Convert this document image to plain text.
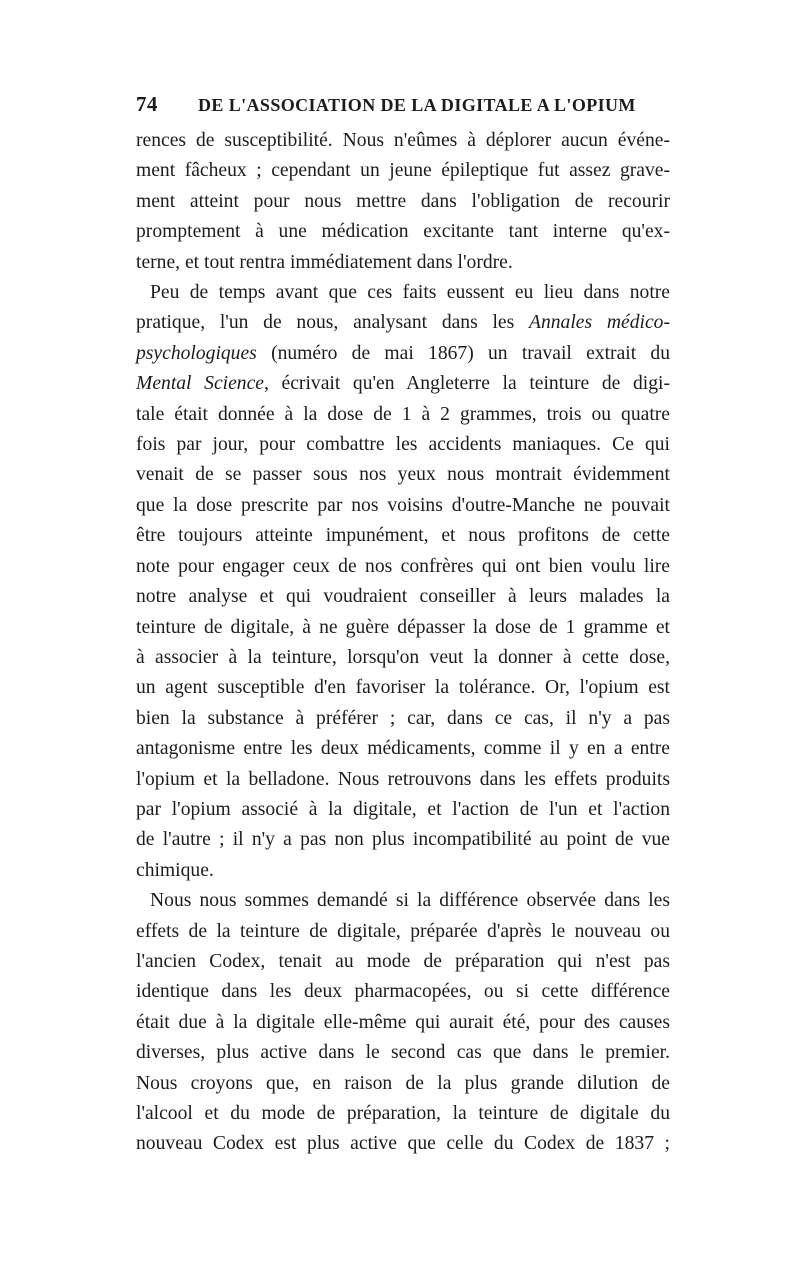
74	DE L'ASSOCIATION DE LA DIGITALE A L'OPIUM

rences de susceptibilité. Nous n'eûmes à déplorer aucun événe-
ment fâcheux ; cependant un jeune épileptique fut assez grave-
ment atteint pour nous mettre dans l'obligation de recourir
promptement à une médication excitante tant interne qu'ex-
terne, et tout rentra immédiatement dans l'ordre.

Peu de temps avant que ces faits eussent eu lieu dans notre
pratique, l'un de nous, analysant dans les Annales médico-
psychologiques (numéro de mai 1867) un travail extrait du
Mental Science, écrivait qu'en Angleterre la teinture de digi-
tale était donnée à la dose de 1 à 2 grammes, trois ou quatre
fois par jour, pour combattre les accidents maniaques. Ce qui
venait de se passer sous nos yeux nous montrait évidemment
que la dose prescrite par nos voisins d'outre-Manche ne pouvait
être toujours atteinte impunément, et nous profitons de cette
note pour engager ceux de nos confrères qui ont bien voulu lire
notre analyse et qui voudraient conseiller à leurs malades la
teinture de digitale, à ne guère dépasser la dose de 1 gramme et
à associer à la teinture, lorsqu'on veut la donner à cette dose,
un agent susceptible d'en favoriser la tolérance. Or, l'opium est
bien la substance à préférer ; car, dans ce cas, il n'y a pas
antagonisme entre les deux médicaments, comme il y en a entre
l'opium et la belladone. Nous retrouvons dans les effets produits
par l'opium associé à la digitale, et l'action de l'un et l'action
de l'autre ; il n'y a pas non plus incompatibilité au point de vue
chimique.

Nous nous sommes demandé si la différence observée dans les
effets de la teinture de digitale, préparée d'après le nouveau ou
l'ancien Codex, tenait au mode de préparation qui n'est pas
identique dans les deux pharmacopées, ou si cette différence
était due à la digitale elle-même qui aurait été, pour des causes
diverses, plus active dans le second cas que dans le premier.
Nous croyons que, en raison de la plus grande dilution de
l'alcool et du mode de préparation, la teinture de digitale du
nouveau Codex est plus active que celle du Codex de 1837 ;
